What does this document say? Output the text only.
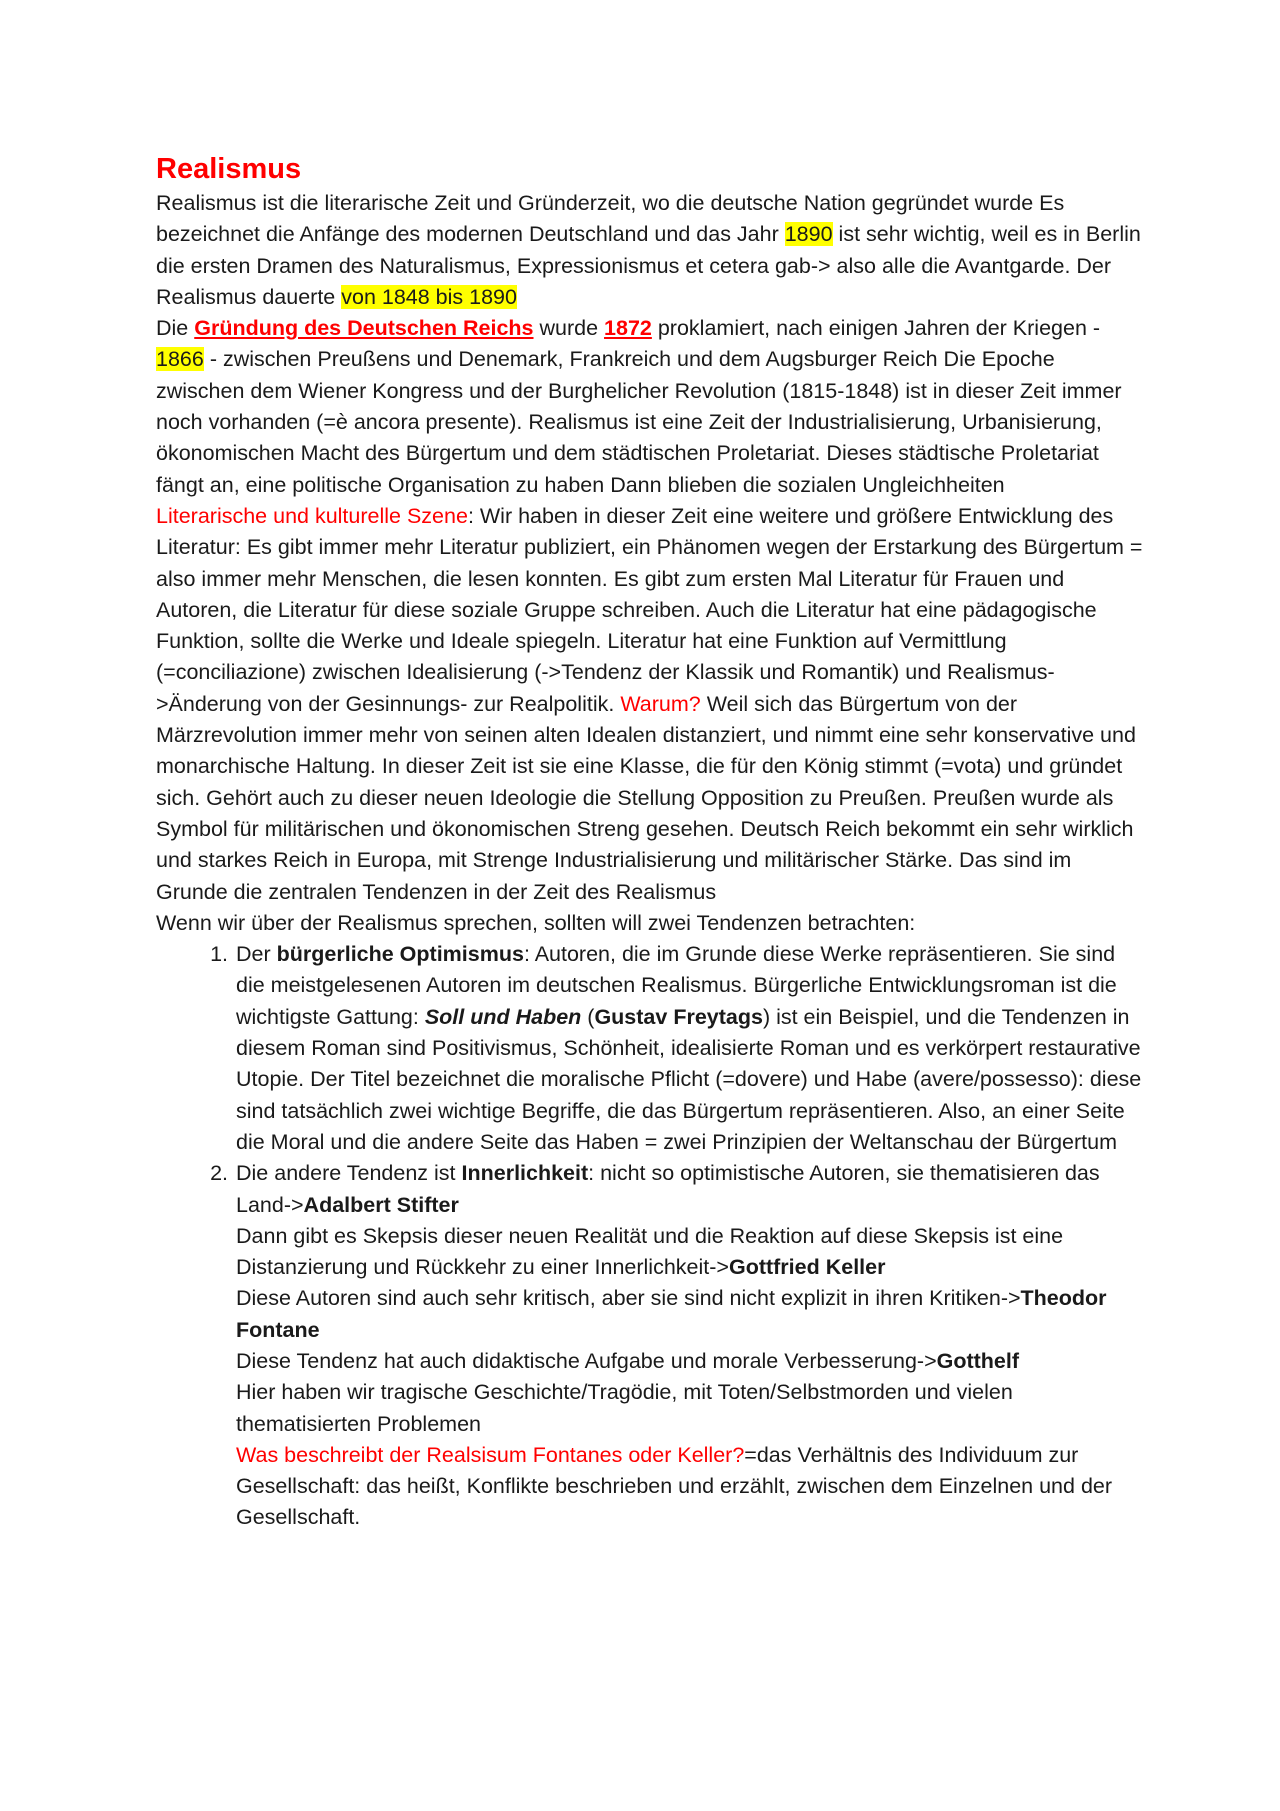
Realismus

Realismus ist die literarische Zeit und Gründerzeit, wo die deutsche Nation gegründet wurde Es bezeichnet die Anfänge des modernen Deutschland und das Jahr 1890 ist sehr wichtig, weil es in Berlin die ersten Dramen des Naturalismus, Expressionismus et cetera gab-> also alle die Avantgarde. Der Realismus dauerte von 1848 bis 1890

Die Gründung des Deutschen Reichs wurde 1872 proklamiert, nach einigen Jahren der Kriegen - 1866 - zwischen Preußens und Denemark, Frankreich und dem Augsburger Reich Die Epoche zwischen dem Wiener Kongress und der Burghelicher Revolution (1815-1848) ist in dieser Zeit immer noch vorhanden (=è ancora presente). Realismus ist eine Zeit der Industrialisierung, Urbanisierung, ökonomischen Macht des Bürgertum und dem städtischen Proletariat. Dieses städtische Proletariat fängt an, eine politische Organisation zu haben Dann blieben die sozialen Ungleichheiten

Literarische und kulturelle Szene: Wir haben in dieser Zeit eine weitere und größere Entwicklung des Literatur: Es gibt immer mehr Literatur publiziert, ein Phänomen wegen der Erstarkung des Bürgertum = also immer mehr Menschen, die lesen konnten. Es gibt zum ersten Mal Literatur für Frauen und Autoren, die Literatur für diese soziale Gruppe schreiben. Auch die Literatur hat eine pädagogische Funktion, sollte die Werke und Ideale spiegeln. Literatur hat eine Funktion auf Vermittlung (=conciliazione) zwischen Idealisierung (->Tendenz der Klassik und Romantik) und Realismus->Änderung von der Gesinnungs- zur Realpolitik. Warum? Weil sich das Bürgertum von der Märzrevolution immer mehr von seinen alten Idealen distanziert, und nimmt eine sehr konservative und monarchische Haltung. In dieser Zeit ist sie eine Klasse, die für den König stimmt (=vota) und gründet sich. Gehört auch zu dieser neuen Ideologie die Stellung Opposition zu Preußen. Preußen wurde als Symbol für militärischen und ökonomischen Streng gesehen. Deutsch Reich bekommt ein sehr wirklich und starkes Reich in Europa, mit Strenge Industrialisierung und militärischer Stärke. Das sind im Grunde die zentralen Tendenzen in der Zeit des Realismus

Wenn wir über der Realismus sprechen, sollten will zwei Tendenzen betrachten:

1. Der bürgerliche Optimismus: Autoren, die im Grunde diese Werke repräsentieren. Sie sind die meistgelesenen Autoren im deutschen Realismus. Bürgerliche Entwicklungsroman ist die wichtigste Gattung: Soll und Haben (Gustav Freytags) ist ein Beispiel, und die Tendenzen in diesem Roman sind Positivismus, Schönheit, idealisierte Roman und es verkörpert restaurative Utopie. Der Titel bezeichnet die moralische Pflicht (=dovere) und Habe (avere/possesso): diese sind tatsächlich zwei wichtige Begriffe, die das Bürgertum repräsentieren. Also, an einer Seite die Moral und die andere Seite das Haben = zwei Prinzipien der Weltanschau der Bürgertum
2. Die andere Tendenz ist Innerlichkeit: nicht so optimistische Autoren, sie thematisieren das Land->Adalbert Stifter
Dann gibt es Skepsis dieser neuen Realität und die Reaktion auf diese Skepsis ist eine Distanzierung und Rückkehr zu einer Innerlichkeit->Gottfried Keller
Diese Autoren sind auch sehr kritisch, aber sie sind nicht explizit in ihren Kritiken->Theodor Fontane
Diese Tendenz hat auch didaktische Aufgabe und morale Verbesserung->Gotthelf
Hier haben wir tragische Geschichte/Tragödie, mit Toten/Selbstmorden und vielen thematisierten Problemen
Was beschreibt der Realsisum Fontanes oder Keller?=das Verhältnis des Individuum zur Gesellschaft: das heißt, Konflikte beschrieben und erzählt, zwischen dem Einzelnen und der Gesellschaft.
